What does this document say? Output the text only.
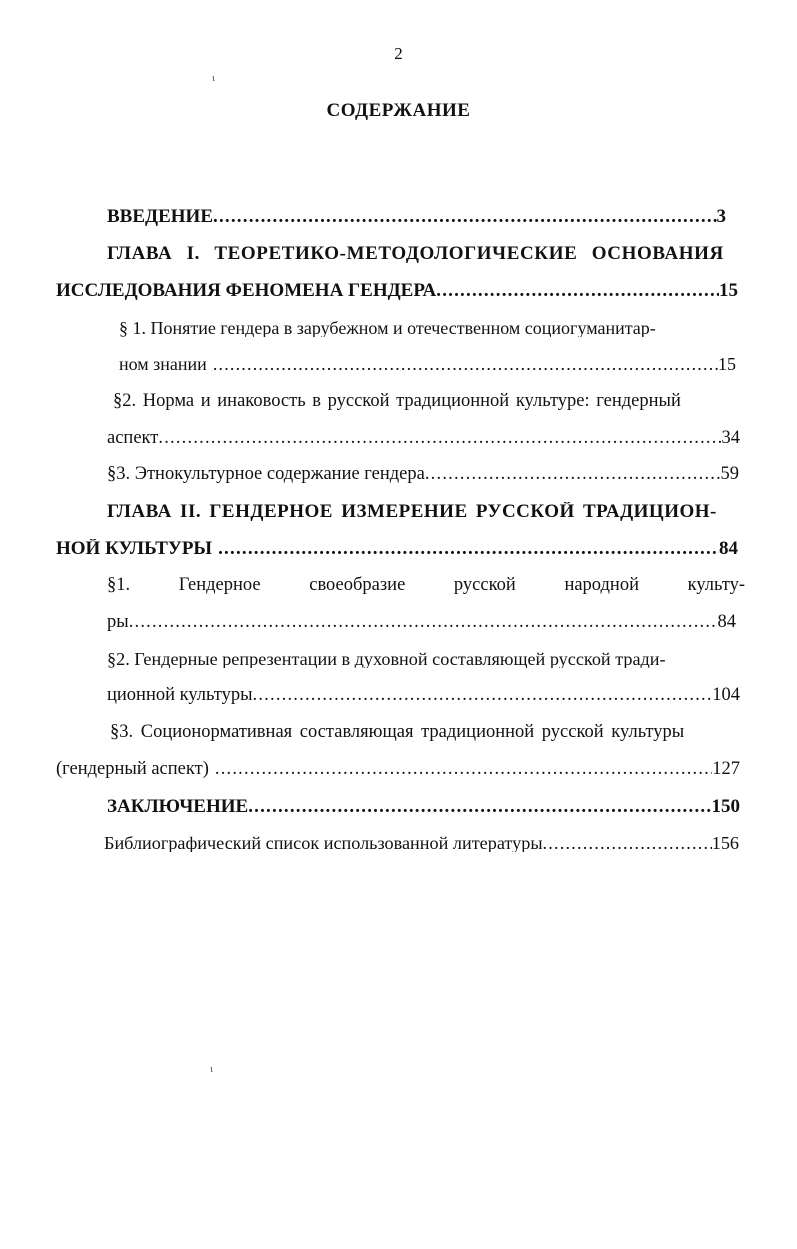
2
СОДЕРЖАНИЕ
ВВЕДЕНИЕ .....	3
ГЛАВА I. ТЕОРЕТИКО-МЕТОДОЛОГИЧЕСКИЕ ОСНОВАНИЯ
ИССЛЕДОВАНИЯ ФЕНОМЕНА ГЕНДЕРА .....	15
§ 1. Понятие гендера в зарубежном и отечественном социогуманитар-
ном знании .....	15
§2. Норма и инаковость в русской традиционной культуре: гендерный
аспект .....	34
§3. Этнокультурное содержание гендера .....	59
ГЛАВА II. ГЕНДЕРНОЕ ИЗМЕРЕНИЕ РУССКОЙ ТРАДИЦИОН-
НОЙ КУЛЬТУРЫ .....	84
§1.	Гендерное	своеобразие	русской	народной	культу-
ры .....	84
§2. Гендерные репрезентации в духовной составляющей русской тради-
ционной культуры .....	104
§3. Соционормативная составляющая традиционной русской культуры
(гендерный аспект) .....	127
ЗАКЛЮЧЕНИЕ .....	150
Библиографический список использованной литературы .....	156
ι
ι
